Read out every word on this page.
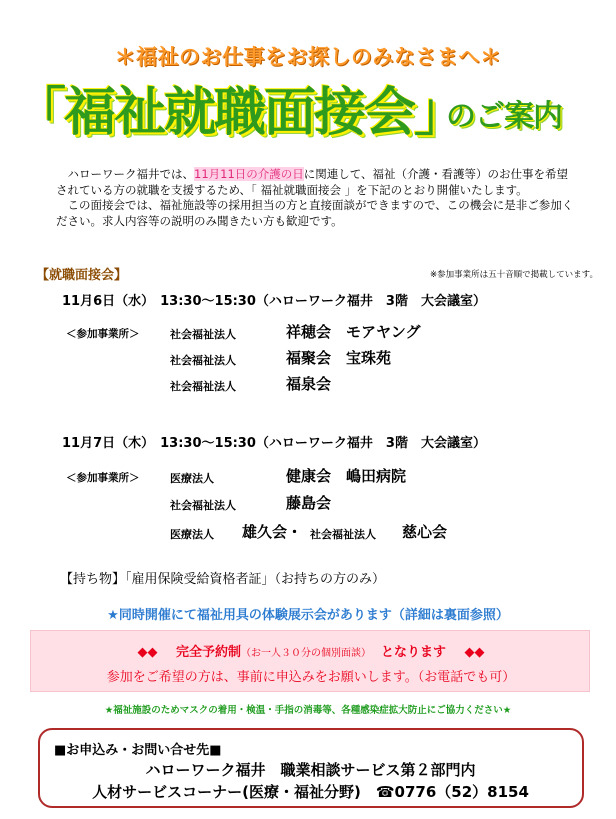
＊福祉のお仕事をお探しのみなさまへ＊
「福祉就職面接会」
のご案内

ハローワーク福井では、11月11日の介護の日に関連して、福祉（介護・看護等）のお仕事を希望されている方の就職を支援するため、「 福祉就職面接会 」を下記のとおり開催いたします。

この面接会では、福祉施設等の採用担当の方と直接面談ができますので、この機会に是非ご参加ください。求人内容等の説明のみ聞きたい方も歓迎です。

【就職面接会】	※参加事業所は五十音順で掲載しています。
11月6日（水） 13:30～15:30（ハローワーク福井　3階　大会議室）
＜参加事業所＞	社会福祉法人	祥穂会　モアヤング
社会福祉法人	福聚会　宝珠苑
社会福祉法人	福泉会
11月7日（木） 13:30～15:30（ハローワーク福井　3階　大会議室）
＜参加事業所＞	医療法人	健康会　嶋田病院
社会福祉法人	藤島会
医療法人 雄久会・ 社会福祉法人 慈心会
【持ち物】「雇用保険受給資格者証」（お持ちの方のみ）
★同時開催にて福祉用具の体験展示会があります（詳細は裏面参照）
◆◆ 完全予約制（お一人３０分の個別面談） となります ◆◆
参加をご希望の方は、事前に申込みをお願いします。（お電話でも可）
★福祉施設のためマスクの着用・検温・手指の消毒等、各種感染症拡大防止にご協力ください★
■お申込み・お問い合せ先■
ハローワーク福井　職業相談サービス第２部門内
人材サービスコーナー(医療・福祉分野)　☎0776（52）8154
